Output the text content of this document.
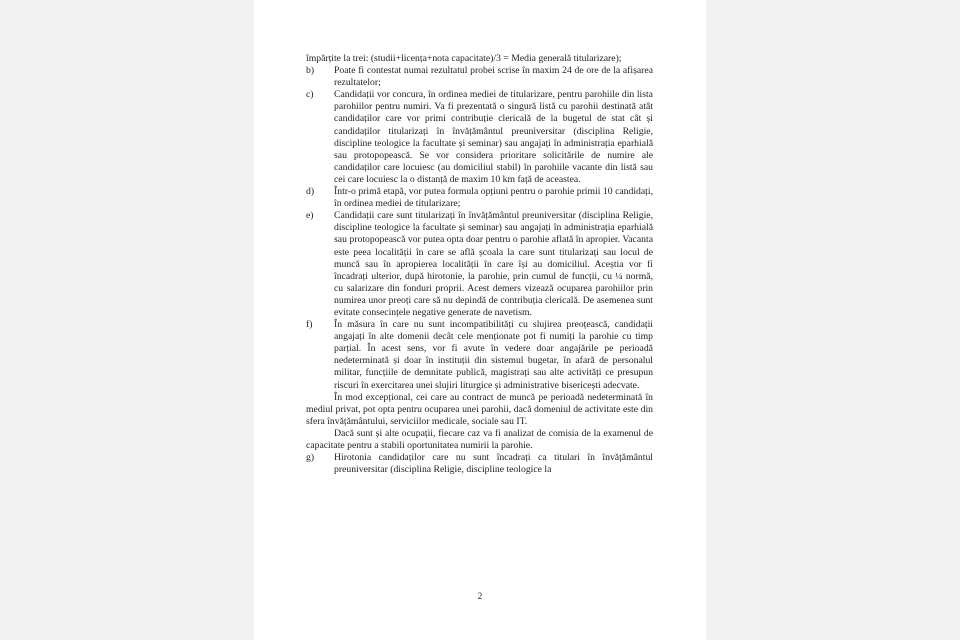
împărțite la trei: (studii+licența+nota capacitate)/3 = Media generală titularizare);

b)	Poate fi contestat numai rezultatul probei scrise în maxim 24 de ore de la afișarea rezultatelor;
c)	Candidații vor concura, în ordinea mediei de titularizare, pentru parohiile din lista parohiilor pentru numiri. Va fi prezentată o singură listă cu parohii destinată atât candidaților care vor primi contribuție clericală de la bugetul de stat cât și candidaților titularizați în învățământul preuniversitar (disciplina Religie, discipline teologice la facultate și seminar) sau angajați în administrația eparhială sau protopopească. Se vor considera prioritare solicitările de numire ale candidaților care locuiesc (au domiciliul stabil) în parohiile vacante din listă sau cei care locuiesc la o distanță de maxim 10 km față de aceastea.
d)	Într-o primă etapă, vor putea formula opțiuni pentru o parohie primii 10 candidați, în ordinea mediei de titularizare;
e)	Candidații care sunt titularizați în învățământul preuniversitar (disciplina Religie, discipline teologice la facultate și seminar) sau angajați în administrația eparhială sau protopopească vor putea opta doar pentru o parohie aflată în apropier. Vacanta este peea localității în care se află școala la care sunt titularizați sau locul de muncă sau în apropierea localității în care își au domiciliul. Aceștia vor fi încadrați ulterior, după hirotonie, la parohie, prin cumul de funcții, cu ¼ normă, cu salarizare din fonduri proprii. Acest demers vizează ocuparea parohiilor prin numirea unor preoți care să nu depindă de contribuția clericală. De asemenea sunt evitate consecințele negative generate de navetism.
f)	În măsura în care nu sunt incompatibilități cu slujirea preoțească, candidații angajați în alte domenii decât cele menționate pot fi numiți la parohie cu timp parțial. În acest sens, vor fi avute în vedere doar angajările pe perioadă nedeterminată și doar în instituții din sistemul bugetar, în afară de personalul militar, funcțiile de demnitate publică, magistrați sau alte activități ce presupun riscuri în exercitarea unei slujiri liturgice și administrative bisericești adecvate.

În mod excepțional, cei care au contract de muncă pe perioadă nedeterminată în mediul privat, pot opta pentru ocuparea unei parohii, dacă domeniul de activitate este din sfera învățământului, serviciilor medicale, sociale sau IT.

Dacă sunt și alte ocupații, fiecare caz va fi analizat de comisia de la examenul de capacitate pentru a stabili oportunitatea numirii la parohie.

g)	Hirotonia candidaților care nu sunt încadrați ca titulari în învățământul preuniversitar (disciplina Religie, discipline teologice la
2
